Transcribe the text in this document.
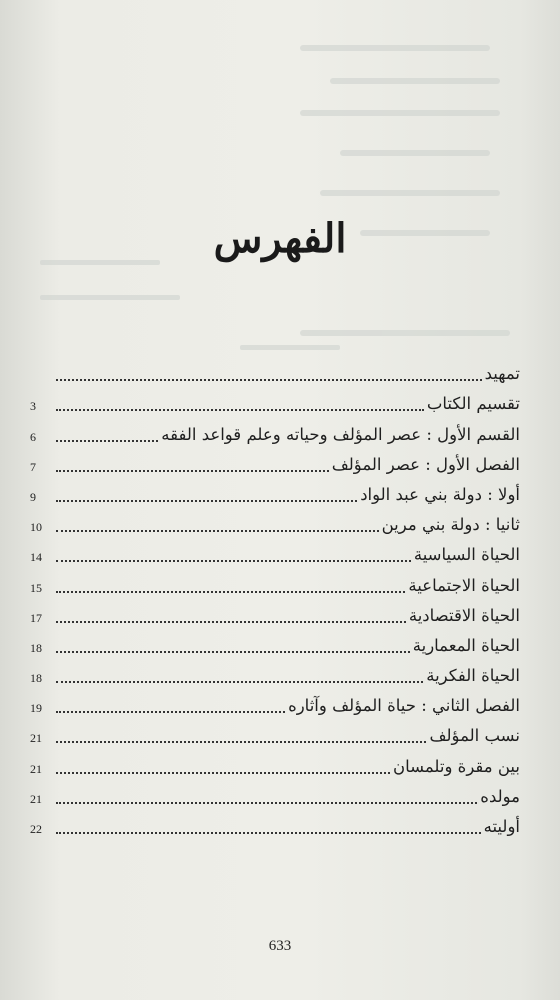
الفهرس
تمهيد
تقسيم الكتاب
3
القسم الأول : عصر المؤلف وحياته وعلم قواعد الفقه
6
الفصل الأول : عصر المؤلف
7
أولا : دولة بني عبد الواد
9
ثانيا : دولة بني مرين
10
الحياة السياسية
14
الحياة الاجتماعية
15
الحياة الاقتصادية
17
الحياة المعمارية
18
الحياة الفكرية
18
الفصل الثاني : حياة المؤلف وآثاره
19
نسب المؤلف
21
بين مقرة وتلمسان
21
مولده
21
أوليته
22
633
